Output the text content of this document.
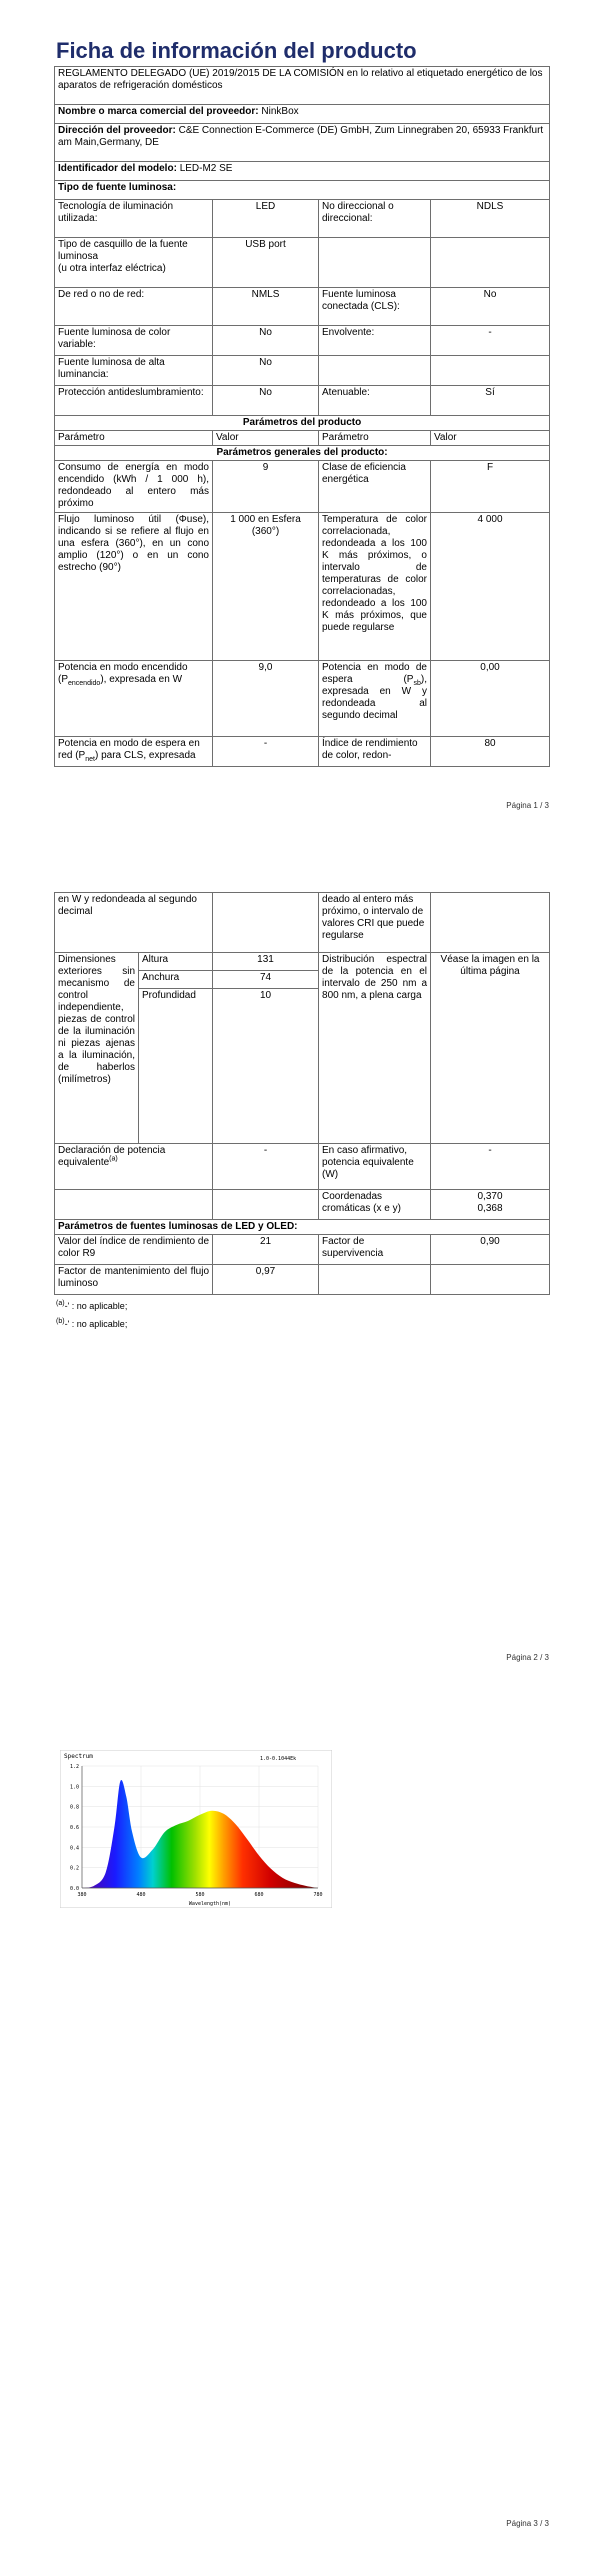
Ficha de información del producto
REGLAMENTO DELEGADO (UE) 2019/2015 DE LA COMISIÓN en lo relativo al etiquetado energético de los aparatos de refrigeración domésticos			
Nombre o marca comercial del proveedor: NinkBox			
Dirección del proveedor: C&E Connection E-Commerce (DE) GmbH, Zum Linnegraben 20, 65933 Frankfurt am Main,Germany, DE			
Identificador del modelo: LED-M2 SE			
Tipo de fuente luminosa:			
Tecnología de iluminación utilizada:	LED	No direccional o direccional:	NDLS
Tipo de casquillo de la fuente luminosa
(u otra interfaz eléctrica)	USB port		
De red o no de red:	NMLS	Fuente luminosa conectada (CLS):	No
Fuente luminosa de color variable:	No	Envolvente:	-
Fuente luminosa de alta luminancia:	No		
Protección antideslumbramiento:	No	Atenuable:	Sí
Parámetros del producto			
Parámetro	Valor	Parámetro	Valor
Parámetros generales del producto:			
Consumo de energía en modo encendido (kWh / 1 000 h), redondeado al entero más próximo	9	Clase de eficiencia energética	F
Flujo luminoso útil (Φuse), indicando si se refiere al flujo en una esfera (360°), en un cono amplio (120°) o en un cono estrecho (90°)	1 000 en Esfera (360°)	Temperatura de color correlacionada, redondeada a los 100 K más próximos, o intervalo de temperaturas de color correlacionadas, redondeado a los 100 K más próximos, que puede regularse	4 000
Potencia en modo encendido $(P_{encendido})$, expresada en W	9,0	Potencia en modo de espera $(P_{sb})$, expresada en W y redondeada al segundo decimal	0,00
Potencia en modo de espera en red $(P_{net})$ para CLS, expresada	-	Índice de rendimiento de color, redon-	80
Página 1 / 3
en W y redondeada al segundo decimal			deado al entero más próximo, o intervalo de valores CRI que puede regularse	
Dimensiones exteriores sin mecanismo de control independiente, piezas de control de la iluminación ni piezas ajenas a la iluminación, de haberlos (milímetros)	Altura	131	Distribución espectral de la potencia en el intervalo de 250 nm a 800 nm, a plena carga	Véase la imagen en la última página
	Anchura	74		
	Profundidad	10		
Declaración de potencia equivalente$^{(a)}$		-	En caso afirmativo, potencia equivalente (W)	-
			Coordenadas cromáticas (x e y)	0,370
0,368
Parámetros de fuentes luminosas de LED y OLED:				
Valor del índice de rendimiento de color R9		21	Factor de supervivencia	0,90
Factor de mantenimiento del flujo luminoso		0,97		
$^{(a)}$-' : no aplicable;
$^{(b)}$-' : no aplicable;
Página 2 / 3
Spectrum	1.0-0.1044Ek
0.0
0.2
0.4
0.6
0.8
1.0
1.2
380	480	580	680	780
Wavelength(nm)
Página 3 / 3
